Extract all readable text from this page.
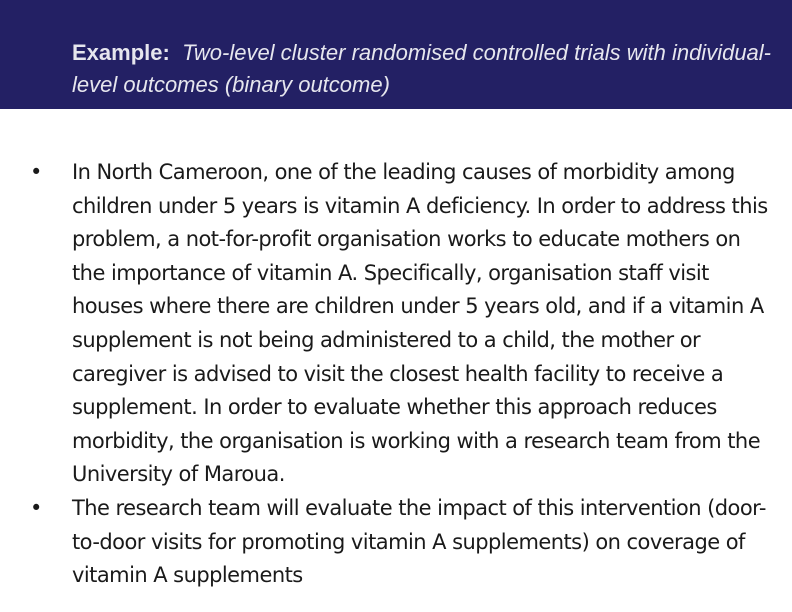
Example: Two-level cluster randomised controlled trials with individual-level outcomes (binary outcome)
•	In North Cameroon, one of the leading causes of morbidity among children under 5 years is vitamin A deficiency. In order to address this problem, a not-for-profit organisation works to educate mothers on the importance of vitamin A. Specifically, organisation staff visit houses where there are children under 5 years old, and if a vitamin A supplement is not being administered to a child, the mother or caregiver is advised to visit the closest health facility to receive a supplement. In order to evaluate whether this approach reduces morbidity, the organisation is working with a research team from the University of Maroua.
•	The research team will evaluate the impact of this intervention (door-to-door visits for promoting vitamin A supplements) on coverage of vitamin A supplements
